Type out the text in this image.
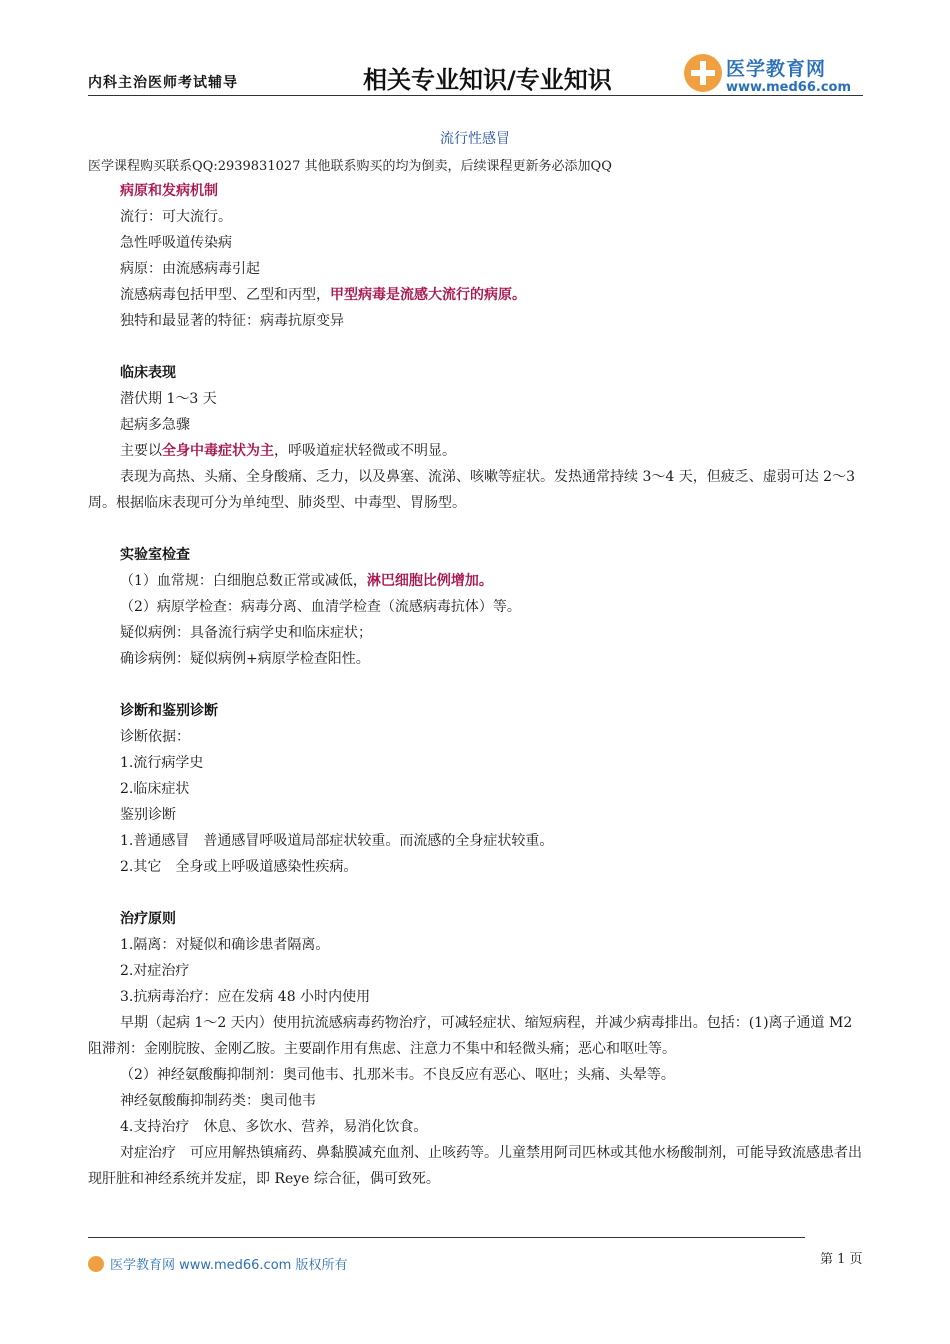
内科主治医师考试辅导	相关专业知识/专业知识	医学教育网
www.med66.com
流行性感冒
医学课程购买联系QQ:2939831027 其他联系购买的均为倒卖，后续课程更新务必添加QQ
病原和发病机制
流行：可大流行。
急性呼吸道传染病
病原：由流感病毒引起
流感病毒包括甲型、乙型和丙型，甲型病毒是流感大流行的病原。
独特和最显著的特征：病毒抗原变异
临床表现
潜伏期 1～3 天
起病多急骤
主要以全身中毒症状为主，呼吸道症状轻微或不明显。
表现为高热、头痛、全身酸痛、乏力，以及鼻塞、流涕、咳嗽等症状。发热通常持续 3～4 天，但疲乏、虚弱可达 2～3 周。根据临床表现可分为单纯型、肺炎型、中毒型、胃肠型。
实验室检查
（1）血常规：白细胞总数正常或减低，淋巴细胞比例增加。
（2）病原学检查：病毒分离、血清学检查（流感病毒抗体）等。
疑似病例：具备流行病学史和临床症状；
确诊病例：疑似病例+病原学检查阳性。
诊断和鉴别诊断
诊断依据：
1.流行病学史
2.临床症状
鉴别诊断
1.普通感冒　普通感冒呼吸道局部症状较重。而流感的全身症状较重。
2.其它　全身或上呼吸道感染性疾病。
治疗原则
1.隔离：对疑似和确诊患者隔离。
2.对症治疗
3.抗病毒治疗：应在发病 48 小时内使用
早期（起病 1～2 天内）使用抗流感病毒药物治疗，可减轻症状、缩短病程，并减少病毒排出。包括：(1)离子通道 M2 阻滞剂：金刚脘胺、金刚乙胺。主要副作用有焦虑、注意力不集中和轻微头痛；恶心和呕吐等。
（2）神经氨酸酶抑制剂：奥司他韦、扎那米韦。不良反应有恶心、呕吐；头痛、头晕等。
神经氨酸酶抑制药类：奥司他韦
4.支持治疗　休息、多饮水、营养，易消化饮食。
对症治疗　可应用解热镇痛药、鼻黏膜减充血剂、止咳药等。儿童禁用阿司匹林或其他水杨酸制剂，可能导致流感患者出现肝脏和神经系统并发症，即 Reye 综合征，偶可致死。
医学教育网 www.med66.com 版权所有	第 1 页
